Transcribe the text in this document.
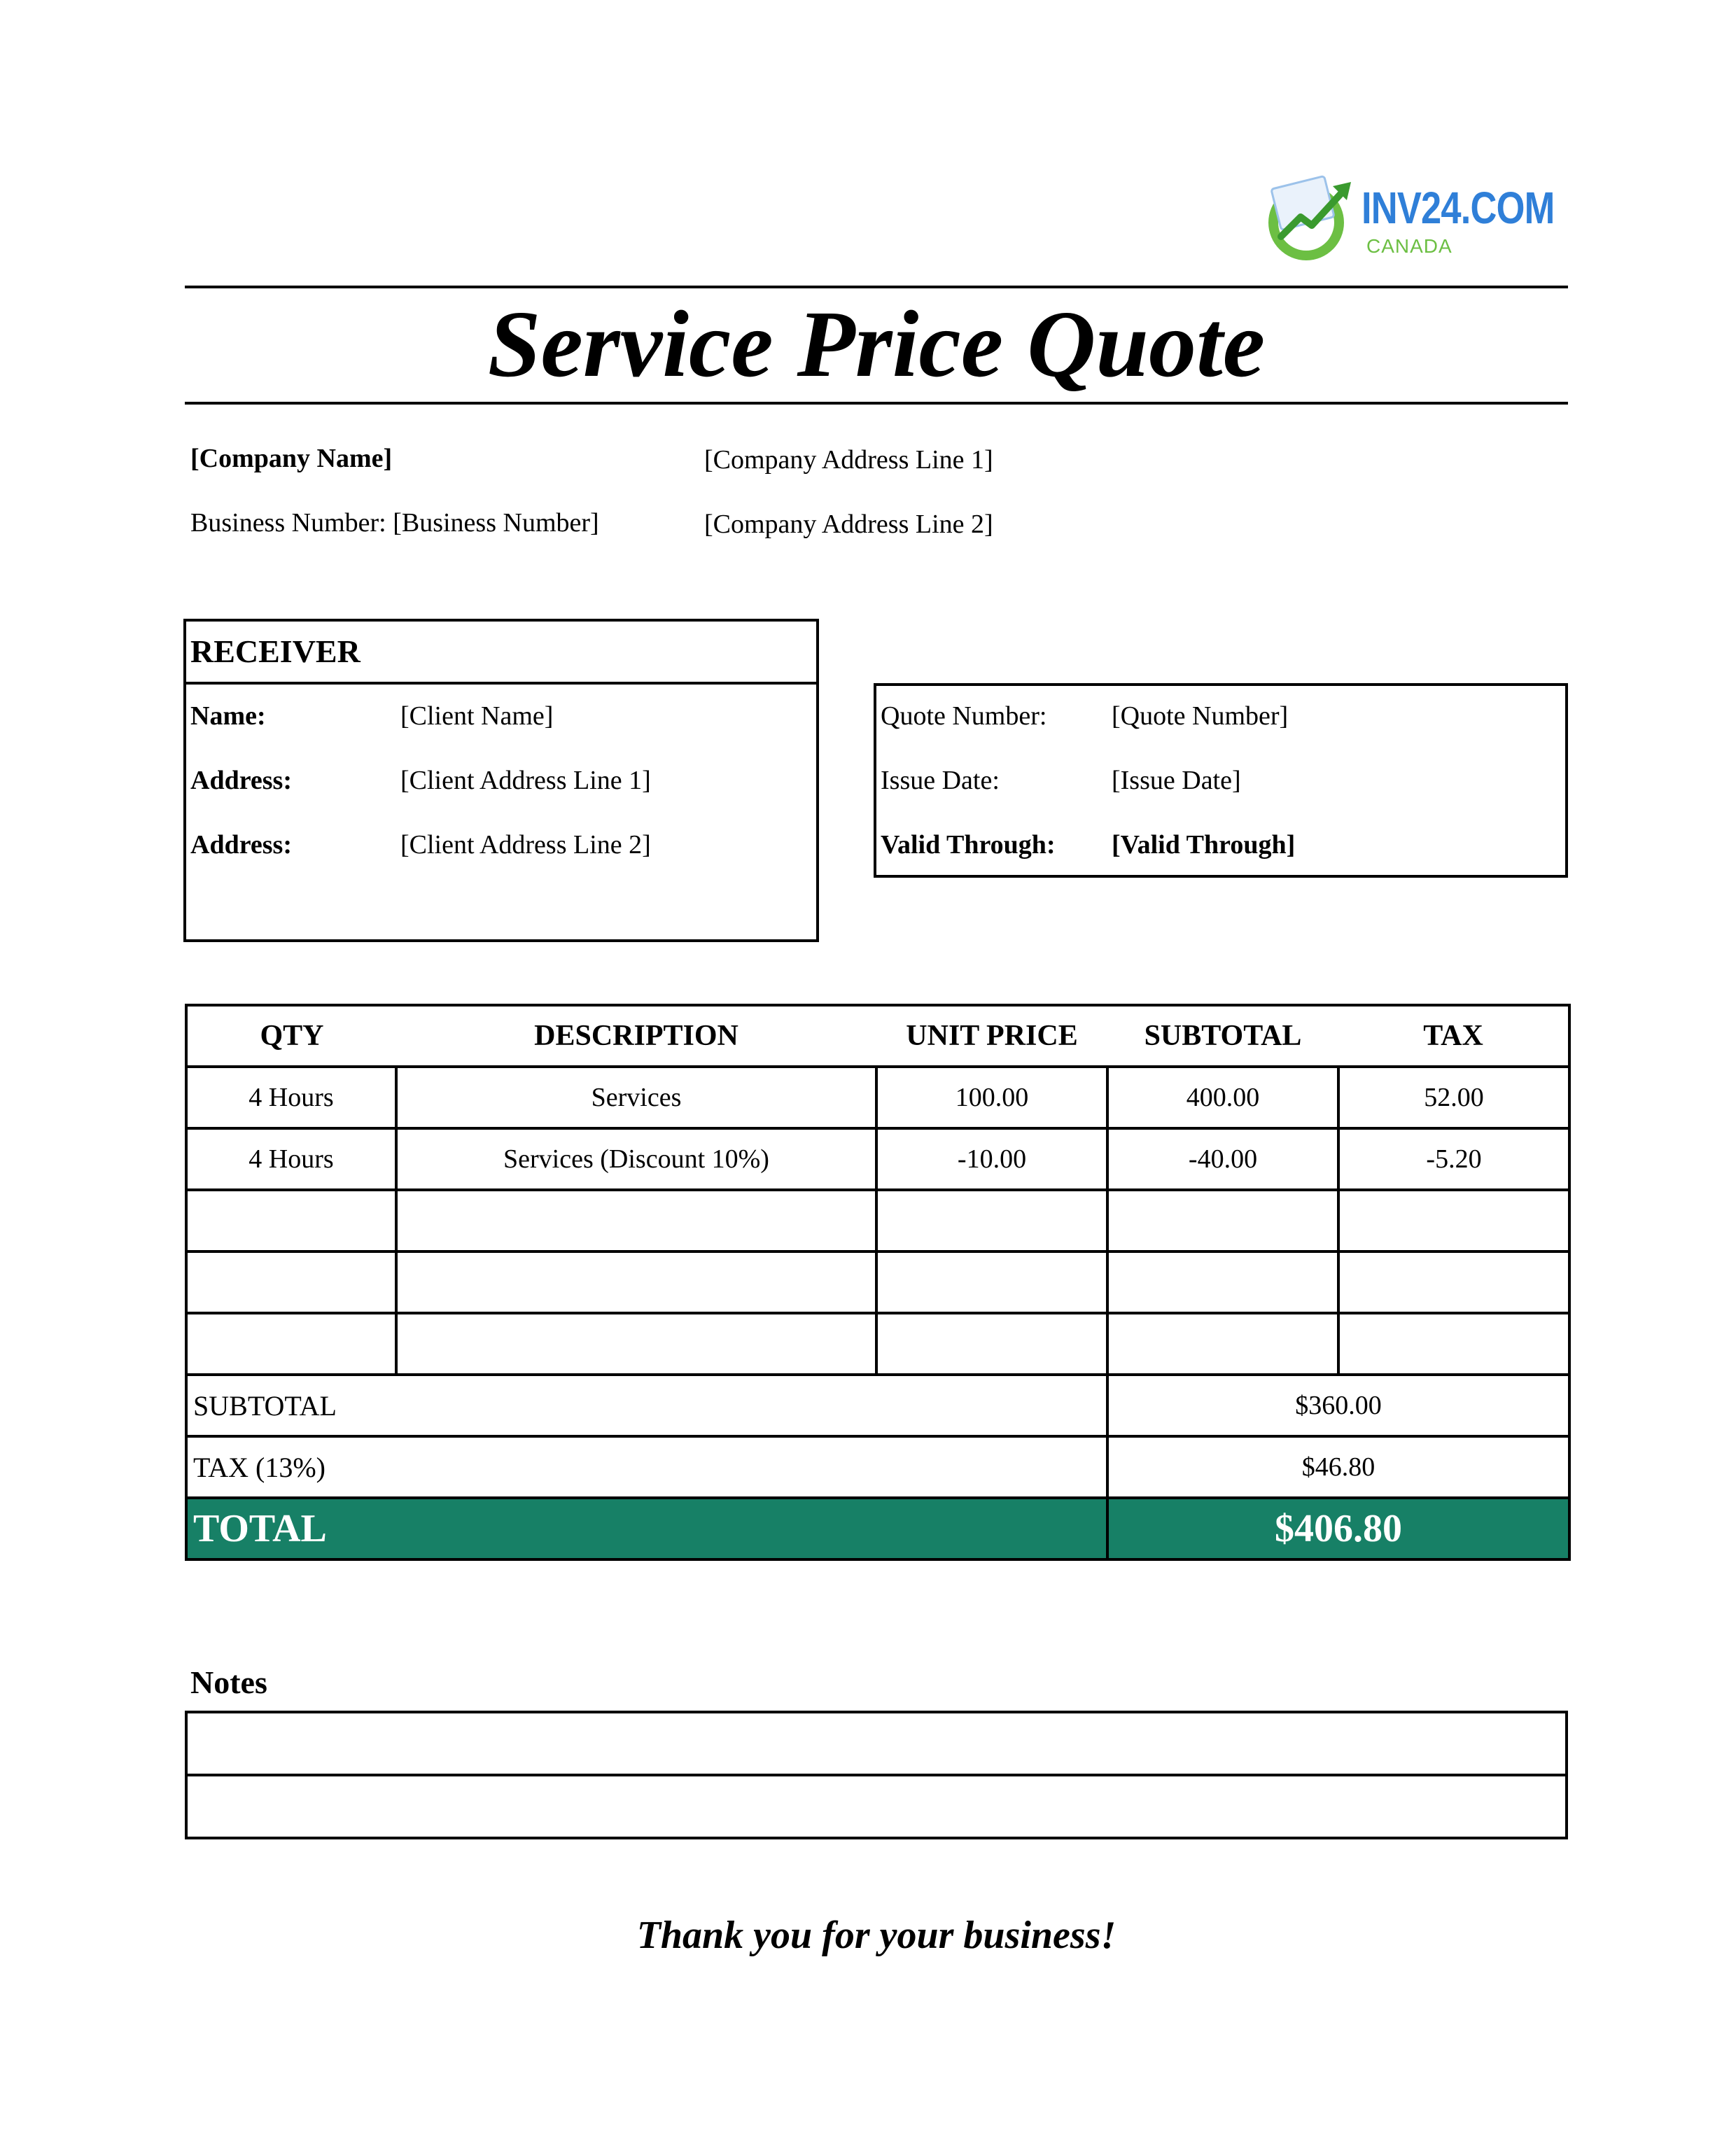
INV24.COM
CANADA
Service Price Quote
[Company Name]
Business Number: [Business Number]
[Company Address Line 1]
[Company Address Line 2]
RECEIVER
Name:	[Client Name]
Address:	[Client Address Line 1]
Address:	[Client Address Line 2]
Quote Number: [Quote Number]
Issue Date:	[Issue Date]
Valid Through: [Valid Through]
QTY	DESCRIPTION	UNIT PRICE	SUBTOTAL	TAX
4 Hours	Services	100.00	400.00	52.00
4 Hours	Services (Discount 10%)	-10.00	-40.00	-5.20

SUBTOTAL			$360.00	
TAX (13%)			$46.80	
TOTAL			$406.80	
Notes

Thank you for your business!
